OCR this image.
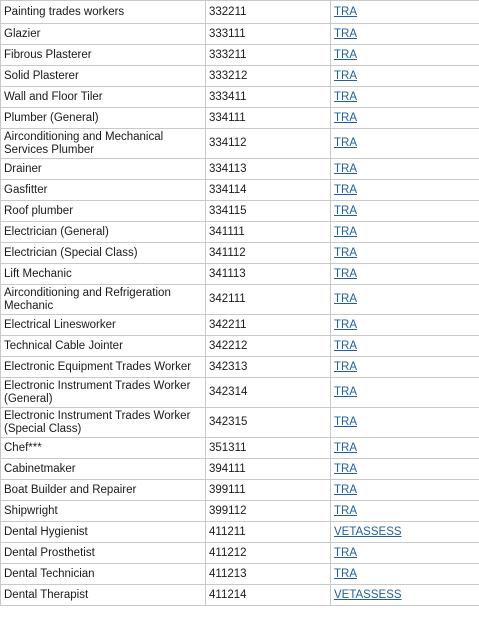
Painting trades workers	332211	TRA
Glazier	333111	TRA
Fibrous Plasterer	333211	TRA
Solid Plasterer	333212	TRA
Wall and Floor Tiler	333411	TRA
Plumber (General)	334111	TRA
Airconditioning and Mechanical Services Plumber	334112	TRA
Drainer	334113	TRA
Gasfitter	334114	TRA
Roof plumber	334115	TRA
Electrician (General)	341111	TRA
Electrician (Special Class)	341112	TRA
Lift Mechanic	341113	TRA
Airconditioning and Refrigeration Mechanic	342111	TRA
Electrical Linesworker	342211	TRA
Technical Cable Jointer	342212	TRA
Electronic Equipment Trades Worker	342313	TRA
Electronic Instrument Trades Worker (General)	342314	TRA
Electronic Instrument Trades Worker (Special Class)	342315	TRA
Chef***	351311	TRA
Cabinetmaker	394111	TRA
Boat Builder and Repairer	399111	TRA
Shipwright	399112	TRA
Dental Hygienist	411211	VETASSESS
Dental Prosthetist	411212	TRA
Dental Technician	411213	TRA
Dental Therapist	411214	VETASSESS
